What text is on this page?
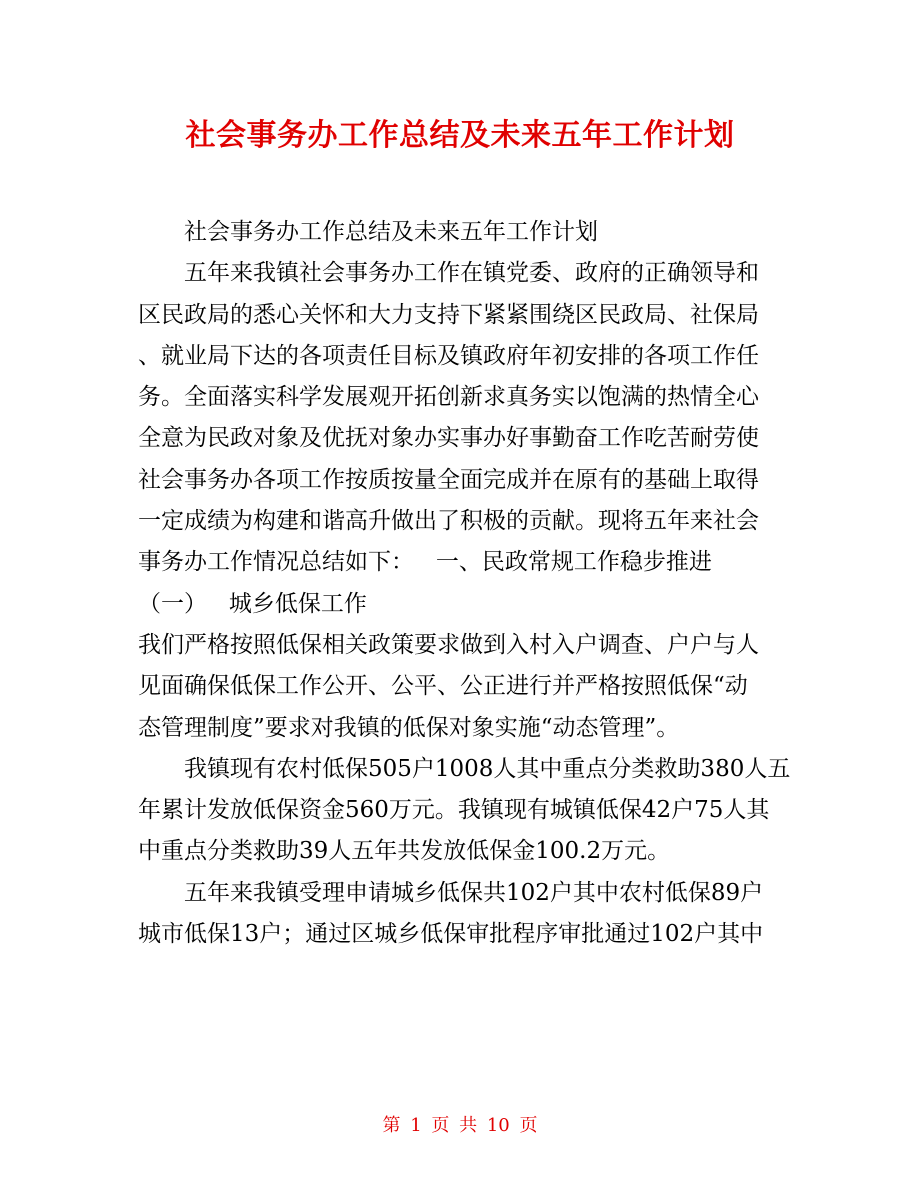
社会事务办工作总结及未来五年工作计划
社会事务办工作总结及未来五年工作计划
五年来我镇社会事务办工作在镇党委、政府的正确领导和
区民政局的悉心关怀和大力支持下紧紧围绕区民政局、社保局
、就业局下达的各项责任目标及镇政府年初安排的各项工作任
务。全面落实科学发展观开拓创新求真务实以饱满的热情全心
全意为民政对象及优抚对象办实事办好事勤奋工作吃苦耐劳使
社会事务办各项工作按质按量全面完成并在原有的基础上取得
一定成绩为构建和谐高升做出了积极的贡献。现将五年来社会
事务办工作情况总结如下：   一、民政常规工作稳步推进
（一）   城乡低保工作
我们严格按照低保相关政策要求做到入村入户调查、户户与人
见面确保低保工作公开、公平、公正进行并严格按照低保“动
态管理制度”要求对我镇的低保对象实施“动态管理”。
我镇现有农村低保505户1008人其中重点分类救助380人五
年累计发放低保资金560万元。我镇现有城镇低保42户75人其
中重点分类救助39人五年共发放低保金100.2万元。
五年来我镇受理申请城乡低保共102户其中农村低保89户
城市低保13户；通过区城乡低保审批程序审批通过102户其中
第 1 页 共 10 页
